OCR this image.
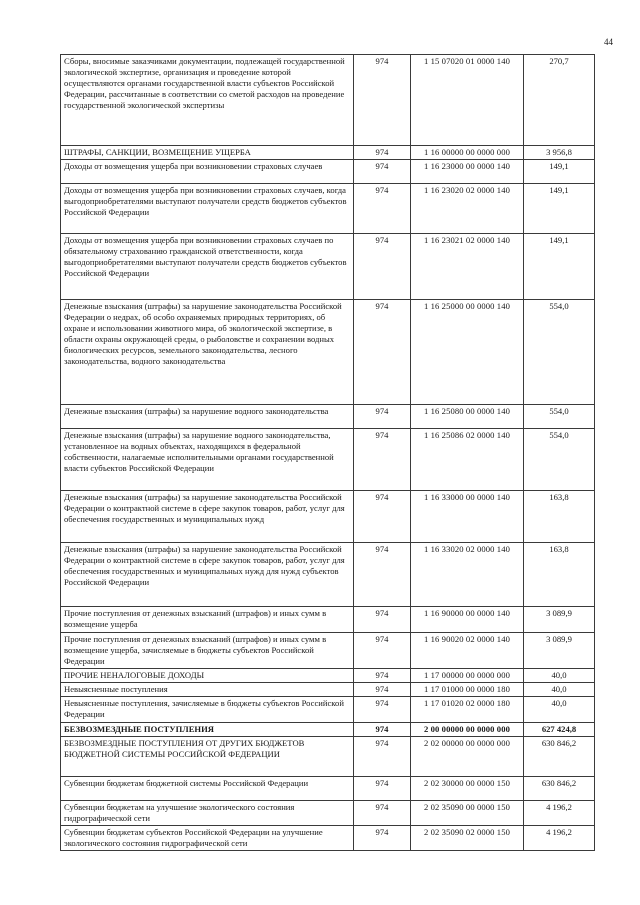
44
Сборы, вносимые заказчиками документации, подлежащей государственной экологической экспертизе, организация и проведение которой осуществляются органами государственной власти субъектов Российской Федерации, рассчитанные в соответствии со сметой расходов на проведение государственной экологической экспертизы	974	1 15 07020 01 0000 140	270,7
ШТРАФЫ, САНКЦИИ, ВОЗМЕЩЕНИЕ УЩЕРБА	974	1 16 00000 00 0000 000	3 956,8
Доходы от возмещения ущерба при возникновении страховых случаев	974	1 16 23000 00 0000 140	149,1
Доходы от возмещения ущерба при возникновении страховых случаев, когда выгодоприобретателями выступают получатели средств бюджетов субъектов Российской Федерации	974	1 16 23020 02 0000 140	149,1
Доходы от возмещения ущерба при возникновении страховых случаев по обязательному страхованию гражданской ответственности, когда выгодоприобретателями выступают получатели средств бюджетов субъектов Российской Федерации	974	1 16 23021 02 0000 140	149,1
Денежные взыскания (штрафы) за нарушение законодательства Российской Федерации о недрах, об особо охраняемых природных территориях, об охране и использовании животного мира, об экологической экспертизе, в области охраны окружающей среды, о рыболовстве и сохранении водных биологических ресурсов, земельного законодательства, лесного законодательства, водного законодательства	974	1 16 25000 00 0000 140	554,0
Денежные взыскания (штрафы) за нарушение водного законодательства	974	1 16 25080 00 0000 140	554,0
Денежные взыскания (штрафы) за нарушение водного законодательства, установленное на водных объектах, находящихся в федеральной собственности, налагаемые исполнительными органами государственной власти субъектов Российской Федерации	974	1 16 25086 02 0000 140	554,0
Денежные взыскания (штрафы) за нарушение законодательства Российской Федерации о контрактной системе в сфере закупок товаров, работ, услуг для обеспечения государственных и муниципальных нужд	974	1 16 33000 00 0000 140	163,8
Денежные взыскания (штрафы) за нарушение законодательства Российской Федерации о контрактной системе в сфере закупок товаров, работ, услуг для обеспечения государственных и муниципальных нужд для нужд субъектов Российской Федерации	974	1 16 33020 02 0000 140	163,8
Прочие поступления от денежных взысканий (штрафов) и иных сумм в возмещение ущерба	974	1 16 90000 00 0000 140	3 089,9
Прочие поступления от денежных взысканий (штрафов) и иных сумм в возмещение ущерба, зачисляемые в бюджеты субъектов Российской Федерации	974	1 16 90020 02 0000 140	3 089,9
ПРОЧИЕ НЕНАЛОГОВЫЕ ДОХОДЫ	974	1 17 00000 00 0000 000	40,0
Невыясненные поступления	974	1 17 01000 00 0000 180	40,0
Невыясненные поступления, зачисляемые в бюджеты субъектов Российской Федерации	974	1 17 01020 02 0000 180	40,0
БЕЗВОЗМЕЗДНЫЕ ПОСТУПЛЕНИЯ	974	2 00 00000 00 0000 000	627 424,8
БЕЗВОЗМЕЗДНЫЕ ПОСТУПЛЕНИЯ ОТ ДРУГИХ БЮДЖЕТОВ БЮДЖЕТНОЙ СИСТЕМЫ РОССИЙСКОЙ ФЕДЕРАЦИИ	974	2 02 00000 00 0000 000	630 846,2
Субвенции бюджетам бюджетной системы Российской Федерации	974	2 02 30000 00 0000 150	630 846,2
Субвенции бюджетам на улучшение экологического состояния гидрографической сети	974	2 02 35090 00 0000 150	4 196,2
Субвенции бюджетам субъектов Российской Федерации на улучшение экологического состояния гидрографической сети	974	2 02 35090 02 0000 150	4 196,2
